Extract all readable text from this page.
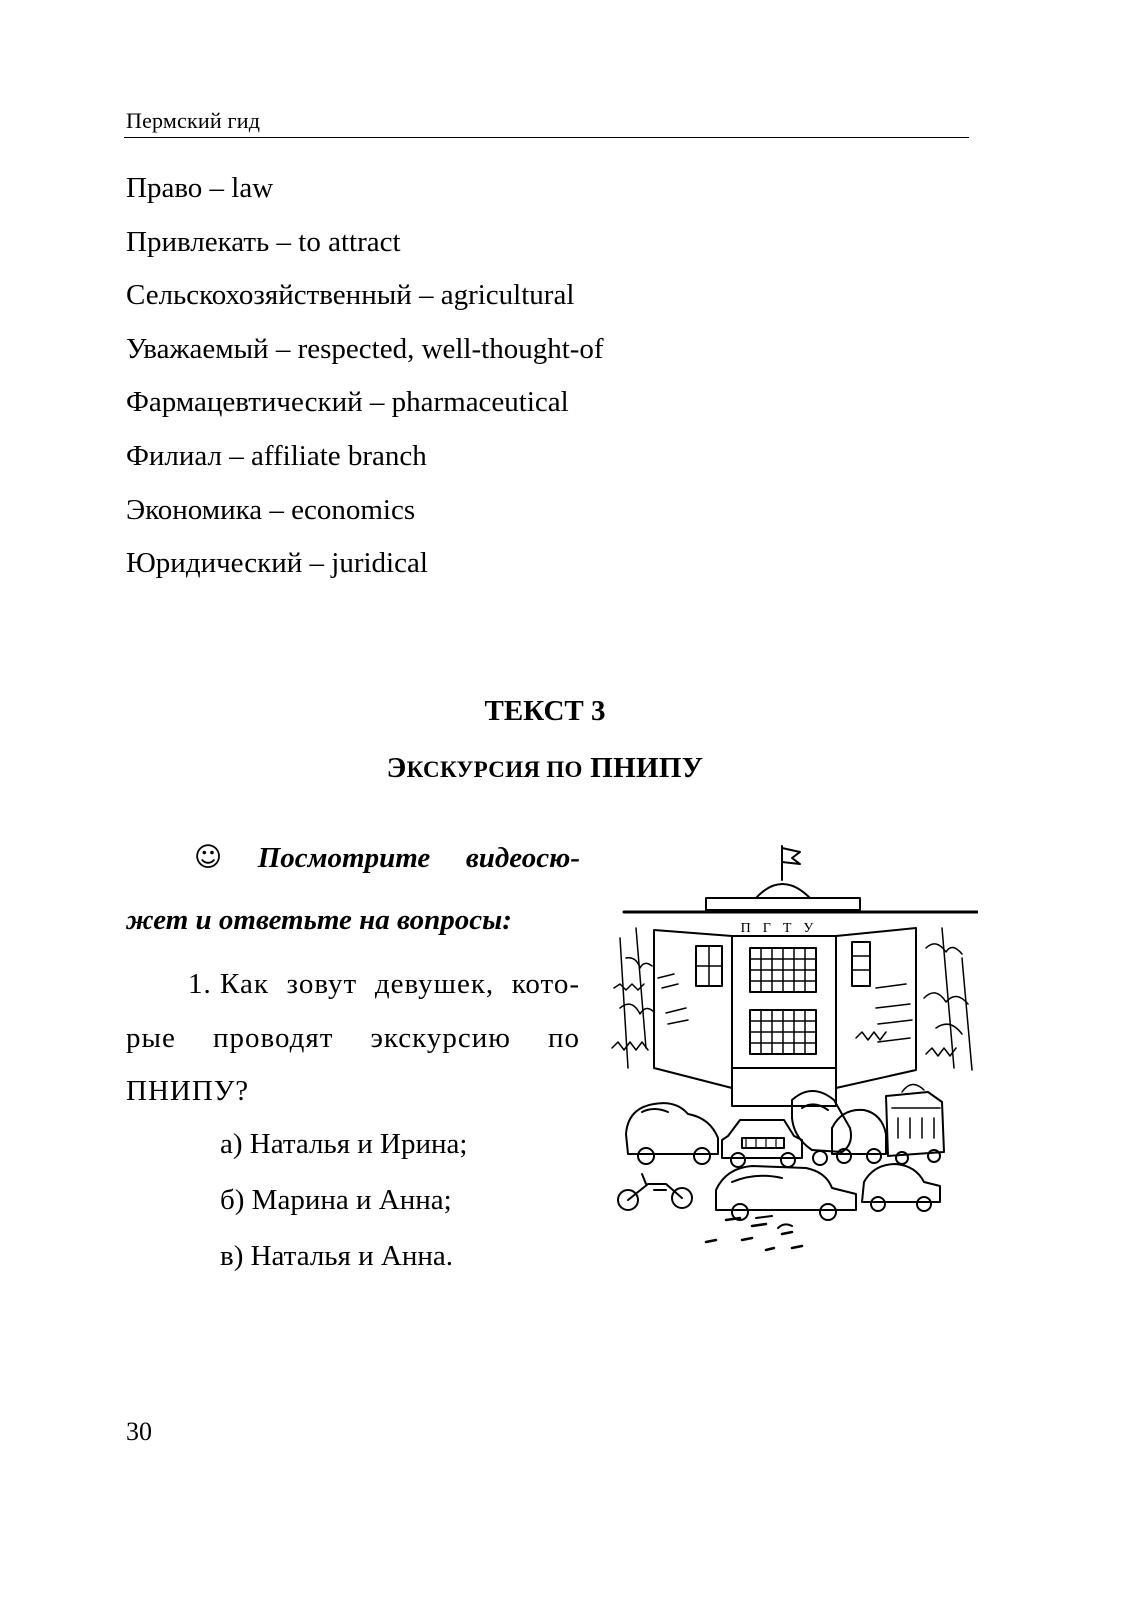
Пермский гид
Право – law
Привлекать – to attract
Сельскохозяйственный – agricultural
Уважаемый – respected, well-thought-of
Фармацевтический – pharmaceutical
Филиал – affiliate branch
Экономика – economics
Юридический – juridical
ТЕКСТ 3
ЭКСКУРСИЯ ПО ПНИПУ
☺ Посмотрите видеосю-
жет и ответьте на вопросы:
1. Как зовут девушек, кото-
рые проводят экскурсию по
ПНИПУ?
а) Наталья и Ирина;
б) Марина и Анна;
в) Наталья и Анна.
ПГТУ
30
